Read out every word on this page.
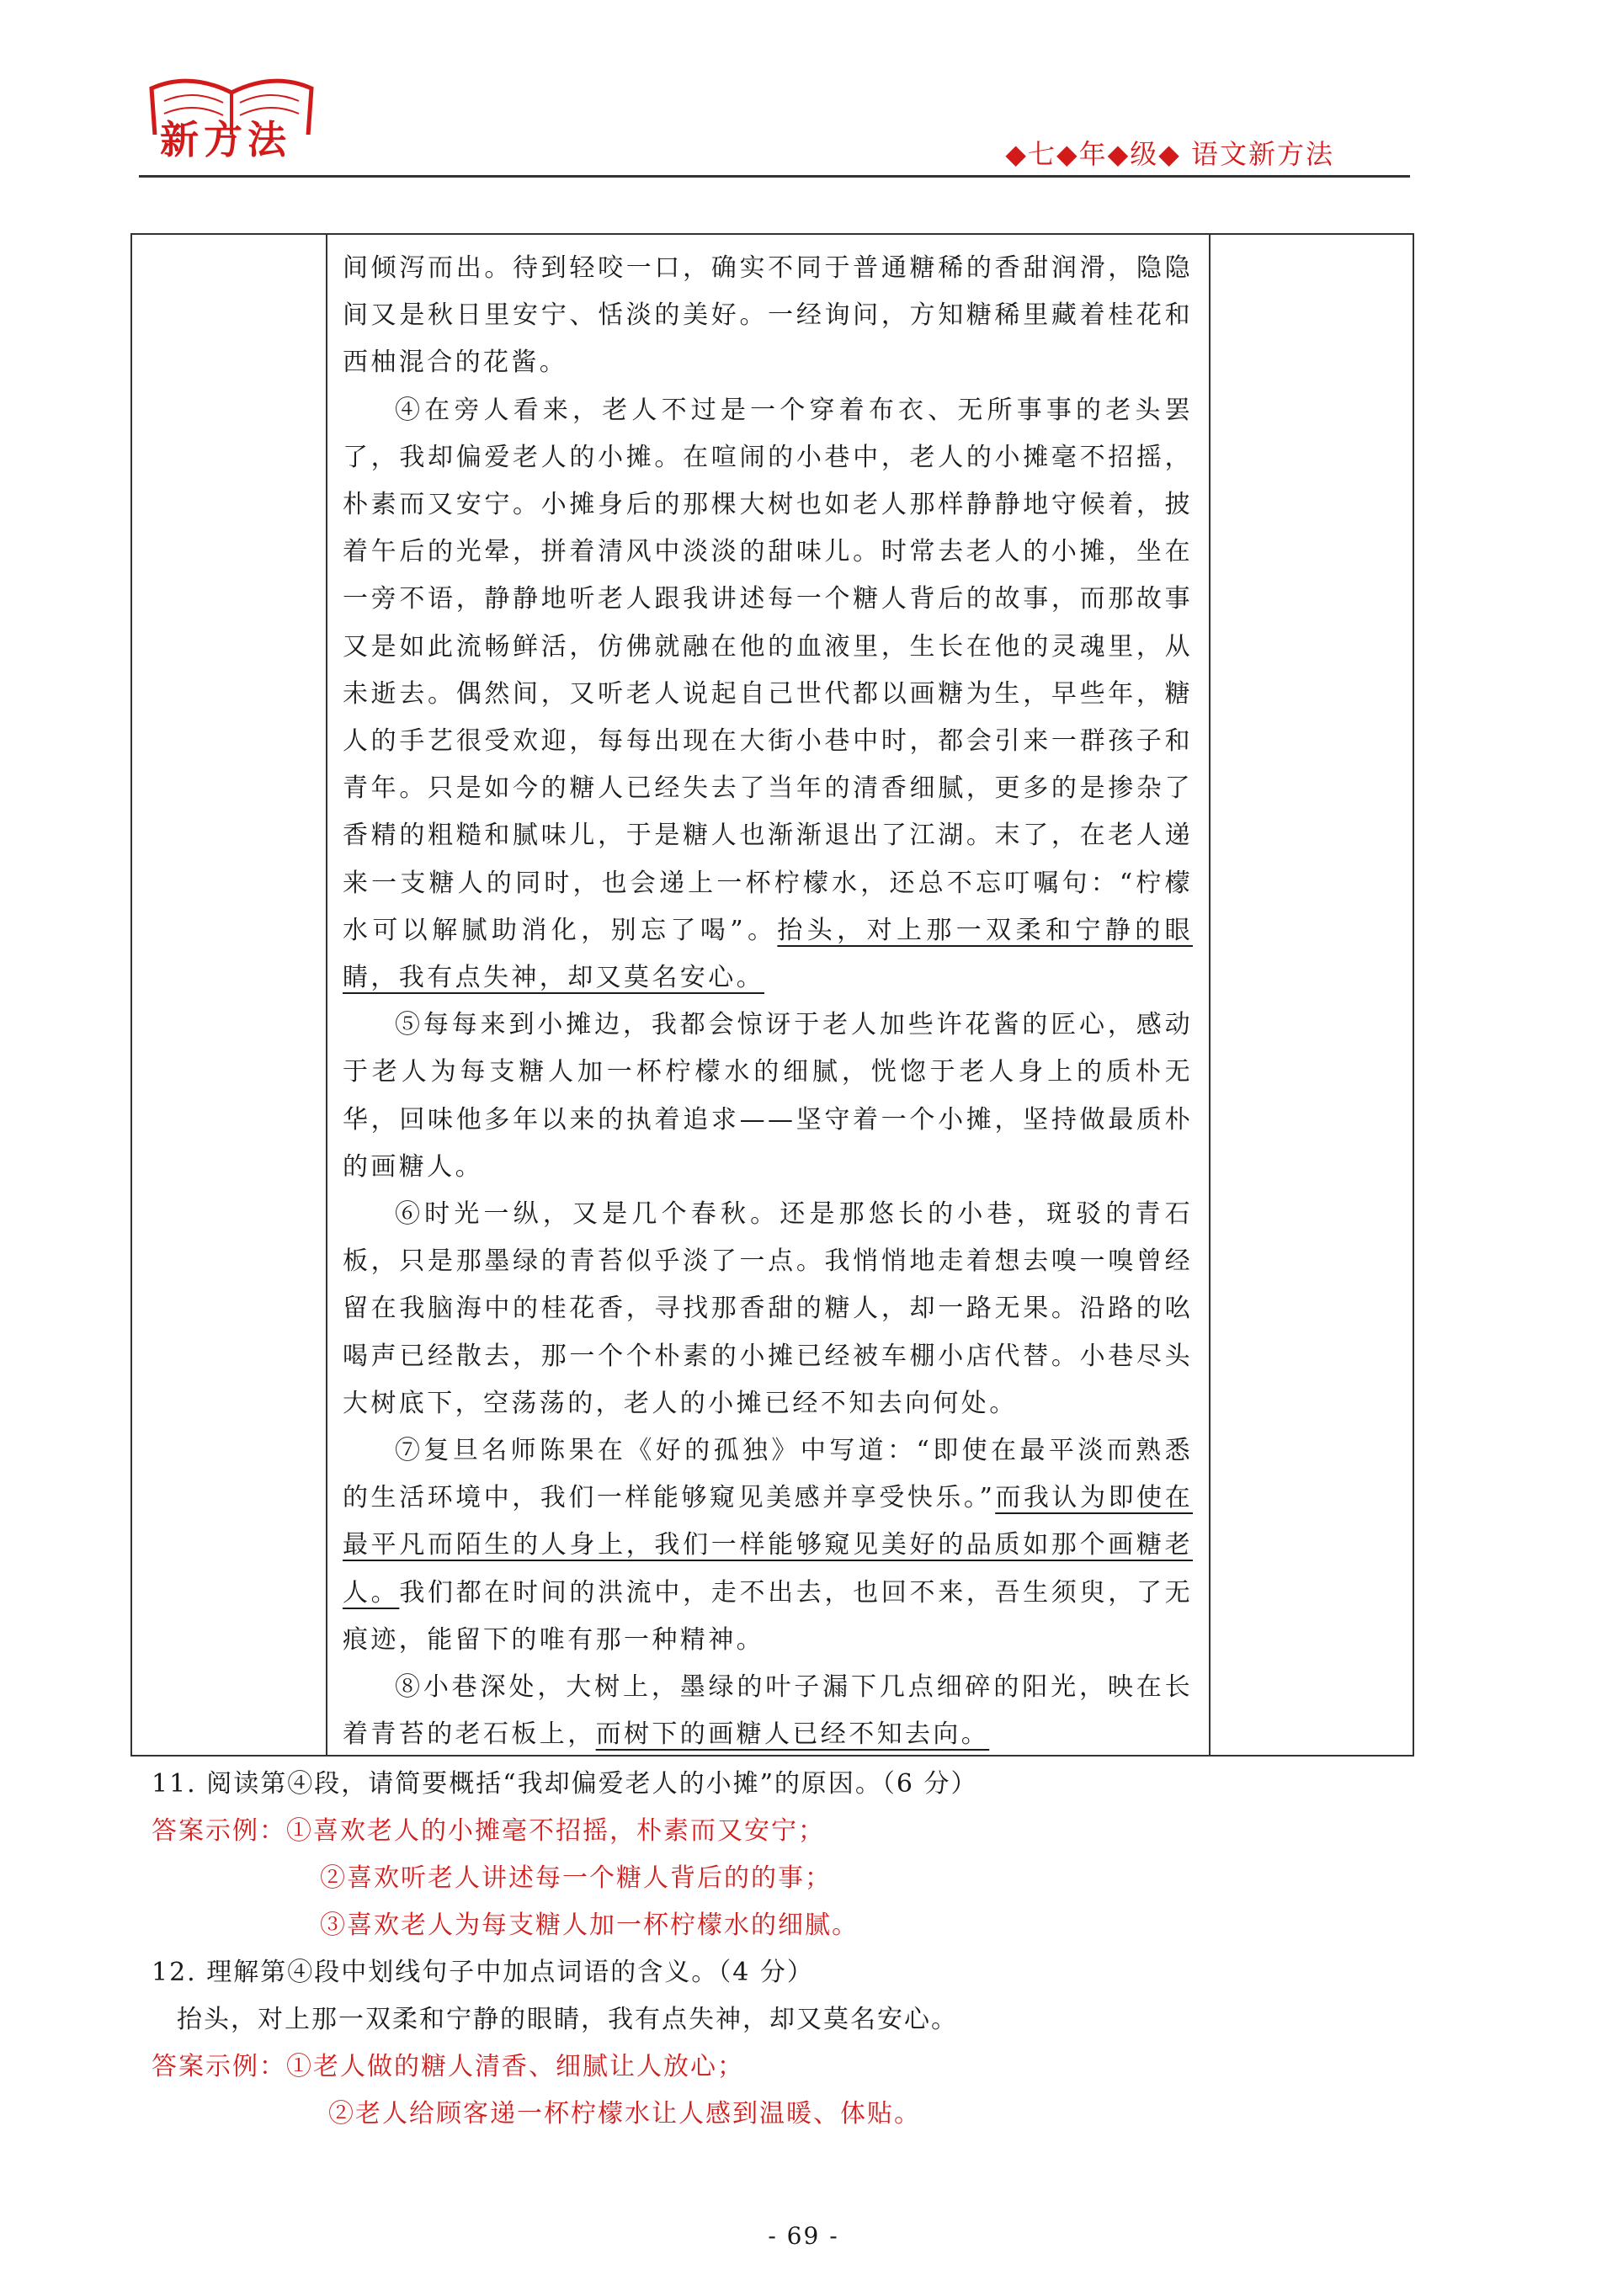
新方法	◆七◆年◆级◆ 语文新方法

间倾泻而出。待到轻咬一口，确实不同于普通糖稀的香甜润滑，隐隐间又是秋日里安宁、恬淡的美好。一经询问，方知糖稀里藏着桂花和西柚混合的花酱。

④在旁人看来，老人不过是一个穿着布衣、无所事事的老头罢了，我却偏爱老人的小摊。在喧闹的小巷中，老人的小摊毫不招摇，朴素而又安宁。小摊身后的那棵大树也如老人那样静静地守候着，披着午后的光晕，拼着清风中淡淡的甜味儿。时常去老人的小摊，坐在一旁不语，静静地听老人跟我讲述每一个糖人背后的故事，而那故事又是如此流畅鲜活，仿佛就融在他的血液里，生长在他的灵魂里，从未逝去。偶然间，又听老人说起自己世代都以画糖为生，早些年，糖人的手艺很受欢迎，每每出现在大街小巷中时，都会引来一群孩子和青年。只是如今的糖人已经失去了当年的清香细腻，更多的是掺杂了香精的粗糙和腻味儿，于是糖人也渐渐退出了江湖。末了，在老人递来一支糖人的同时，也会递上一杯柠檬水，还总不忘叮嘱句：“柠檬水可以解腻助消化，别忘了喝”。抬头，对上那一双柔和宁静的眼睛，我有点失神，却又莫名安心。

⑤每每来到小摊边，我都会惊讶于老人加些许花酱的匠心，感动于老人为每支糖人加一杯柠檬水的细腻，恍惚于老人身上的质朴无华，回味他多年以来的执着追求——坚守着一个小摊，坚持做最质朴的画糖人。

⑥时光一纵，又是几个春秋。还是那悠长的小巷，斑驳的青石板，只是那墨绿的青苔似乎淡了一点。我悄悄地走着想去嗅一嗅曾经留在我脑海中的桂花香，寻找那香甜的糖人，却一路无果。沿路的吆喝声已经散去，那一个个朴素的小摊已经被车棚小店代替。小巷尽头大树底下，空荡荡的，老人的小摊已经不知去向何处。

⑦复旦名师陈果在《好的孤独》中写道：“即使在最平淡而熟悉的生活环境中，我们一样能够窥见美感并享受快乐。”而我认为即使在最平凡而陌生的人身上，我们一样能够窥见美好的品质如那个画糖老人。我们都在时间的洪流中，走不出去，也回不来，吾生须臾，了无痕迹，能留下的唯有那一种精神。

⑧小巷深处，大树上，墨绿的叶子漏下几点细碎的阳光，映在长着青苔的老石板上，而树下的画糖人已经不知去向。

11. 阅读第④段，请简要概括“我却偏爱老人的小摊”的原因。（6 分）

答案示例：①喜欢老人的小摊毫不招摇，朴素而又安宁；

②喜欢听老人讲述每一个糖人背后的的事；

③喜欢老人为每支糖人加一杯柠檬水的细腻。

12. 理解第④段中划线句子中加点词语的含义。（4 分）

抬头，对上那一双柔和宁静的眼睛，我有点失神，却又莫名安心。

答案示例：①老人做的糖人清香、细腻让人放心；

②老人给顾客递一杯柠檬水让人感到温暖、体贴。

- 69 -
